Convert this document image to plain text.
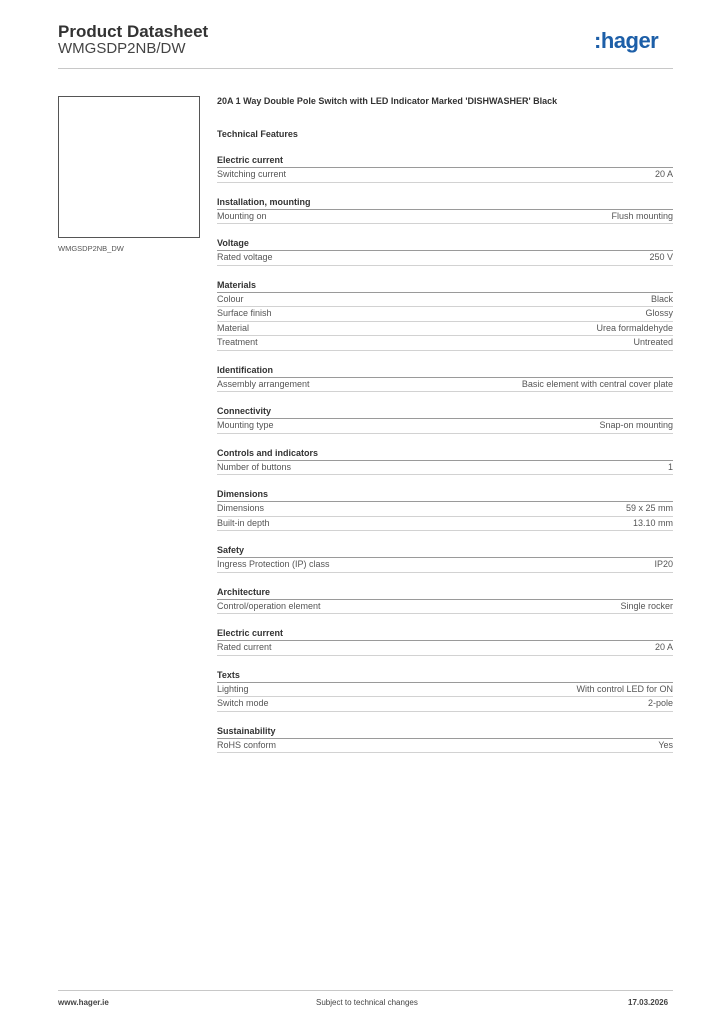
Product Datasheet
WMGSDP2NB/DW	:hager
WMGSDP2NB_DW
20A 1 Way Double Pole Switch with LED Indicator Marked 'DISHWASHER' Black
Technical Features
Electric current
Switching current	20 A
Installation, mounting
Mounting on	Flush mounting
Voltage
Rated voltage	250 V
Materials
Colour	Black
Surface finish	Glossy
Material	Urea formaldehyde
Treatment	Untreated
Identification
Assembly arrangement	Basic element with central cover plate
Connectivity
Mounting type	Snap-on mounting
Controls and indicators
Number of buttons	1
Dimensions
Dimensions	59 x 25 mm
Built-in depth	13.10 mm
Safety
Ingress Protection (IP) class	IP20
Architecture
Control/operation element	Single rocker
Electric current
Rated current	20 A
Texts
Lighting	With control LED for ON
Switch mode	2-pole
Sustainability
RoHS conform	Yes
www.hager.ie	Subject to technical changes	17.03.2026
